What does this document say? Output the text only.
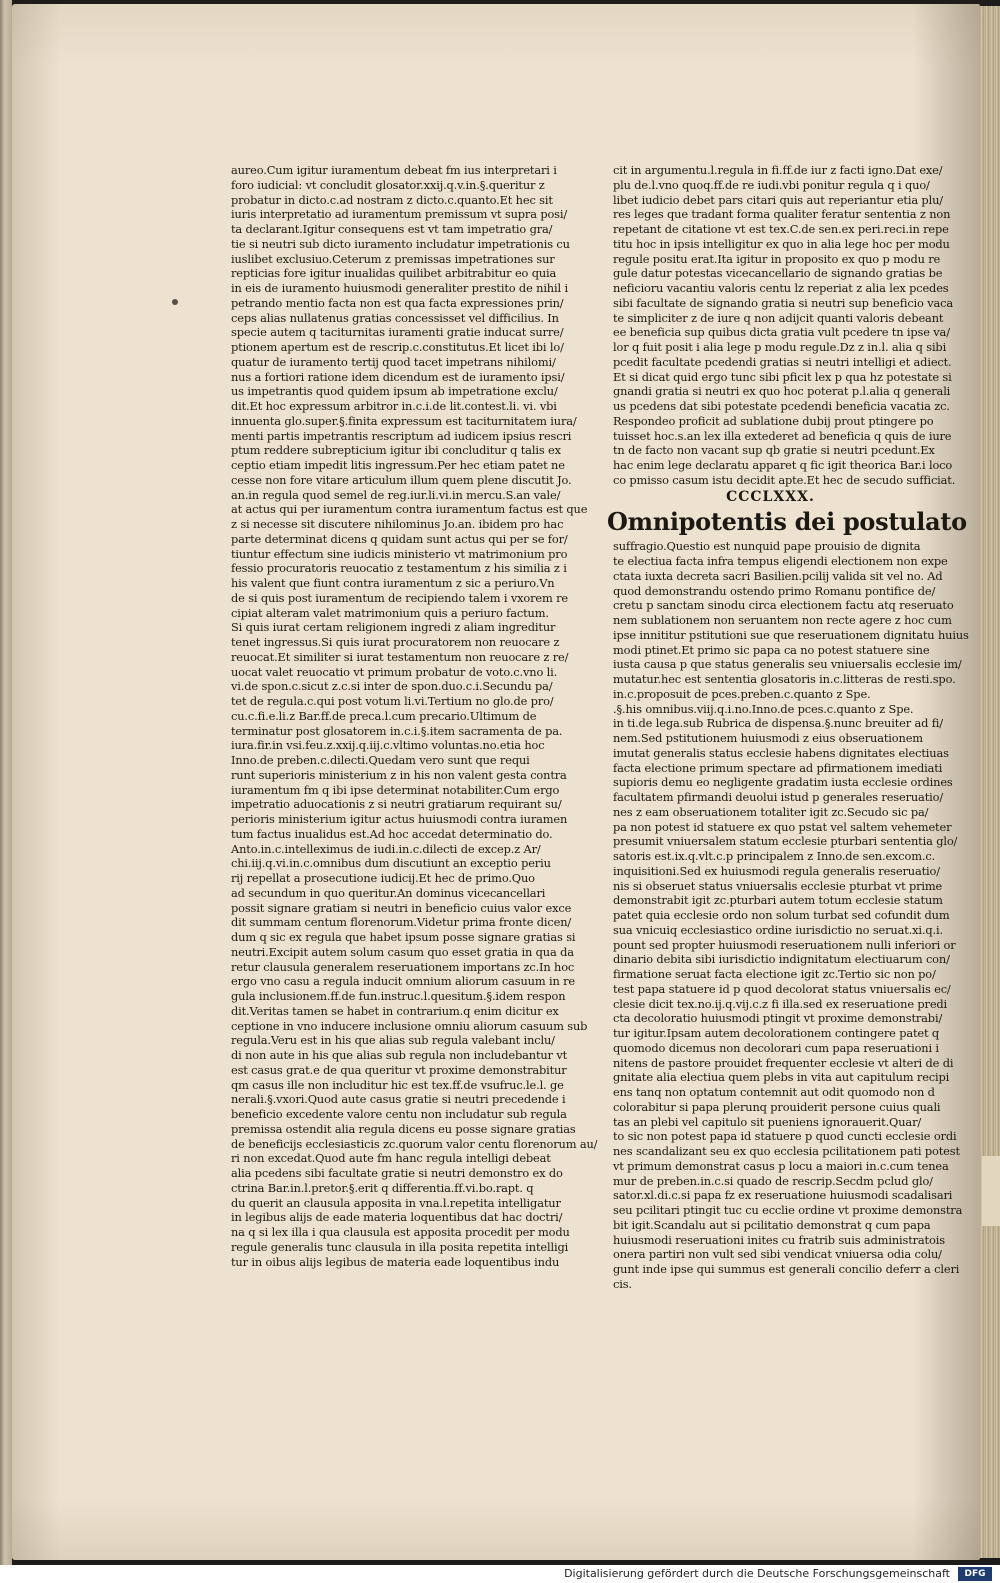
aureo.Cum igitur iuramentum debeat fm ius interpretari i
foro iudicial: vt concludit glosator.xxij.q.v.in.§.queritur z
probatur in dicto.c.ad nostram z dicto.c.quanto.Et hec sit
iuris interpretatio ad iuramentum premissum vt supra posi/
ta declarant.Igitur consequens est vt tam impetratio gra/
tie si neutri sub dicto iuramento includatur impetrationis cu
iuslibet exclusiuo.Ceterum z premissas impetrationes sur
repticias fore igitur inualidas quilibet arbitrabitur eo quia
in eis de iuramento huiusmodi generaliter prestito de nihil i
petrando mentio facta non est qua facta expressiones prin/
ceps alias nullatenus gratias concessisset vel difficilius. In
specie autem q taciturnitas iuramenti gratie inducat surre/
ptionem apertum est de rescrip.c.constitutus.Et licet ibi lo/
quatur de iuramento tertij quod tacet impetrans nihilomi/
nus a fortiori ratione idem dicendum est de iuramento ipsi/
us impetrantis quod quidem ipsum ab impetratione exclu/
dit.Et hoc expressum arbitror in.c.i.de lit.contest.li. vi. vbi
innuenta glo.super.§.finita expressum est taciturnitatem iura/
menti partis impetrantis rescriptum ad iudicem ipsius rescri
ptum reddere subrepticium igitur ibi concluditur q talis ex
ceptio etiam impedit litis ingressum.Per hec etiam patet ne
cesse non fore vitare articulum illum quem plene discutit Jo.
an.in regula quod semel de reg.iur.li.vi.in mercu.S.an vale/
at actus qui per iuramentum contra iuramentum factus est que
z si necesse sit discutere nihilominus Jo.an. ibidem pro hac
parte determinat dicens q quidam sunt actus qui per se for/
tiuntur effectum sine iudicis ministerio vt matrimonium pro
fessio procuratoris reuocatio z testamentum z his similia z i
his valent que fiunt contra iuramentum z sic a periuro.Vn
de si quis post iuramentum de recipiendo talem i vxorem re
cipiat alteram valet matrimonium quis a periuro factum.
Si quis iurat certam religionem ingredi z aliam ingreditur
tenet ingressus.Si quis iurat procuratorem non reuocare z
reuocat.Et similiter si iurat testamentum non reuocare z re/
uocat valet reuocatio vt primum probatur de voto.c.vno li.
vi.de spon.c.sicut z.c.si inter de spon.duo.c.i.Secundu pa/
tet de regula.c.qui post votum li.vi.Tertium no glo.de pro/
cu.c.fi.e.li.z Bar.ff.de preca.l.cum precario.Ultimum de
terminatur post glosatorem in.c.i.§.item sacramenta de pa.
iura.fir.in vsi.feu.z.xxij.q.iij.c.vltimo voluntas.no.etia hoc
Inno.de preben.c.dilecti.Quedam vero sunt que requi
runt superioris ministerium z in his non valent gesta contra
iuramentum fm q ibi ipse determinat notabiliter.Cum ergo
impetratio aduocationis z si neutri gratiarum requirant su/
perioris ministerium igitur actus huiusmodi contra iuramen
tum factus inualidus est.Ad hoc accedat determinatio do.
Anto.in.c.intelleximus de iudi.in.c.dilecti de excep.z Ar/
chi.iij.q.vi.in.c.omnibus dum discutiunt an exceptio periu
rij repellat a prosecutione iudicij.Et hec de primo.Quo
ad secundum in quo queritur.An dominus vicecancellari
possit signare gratiam si neutri in beneficio cuius valor exce
dit summam centum florenorum.Videtur prima fronte dicen/
dum q sic ex regula que habet ipsum posse signare gratias si
neutri.Excipit autem solum casum quo esset gratia in qua da
retur clausula generalem reseruationem importans zc.In hoc
ergo vno casu a regula inducit omnium aliorum casuum in re
gula inclusionem.ff.de fun.instruc.l.quesitum.§.idem respon
dit.Veritas tamen se habet in contrarium.q enim dicitur ex
ceptione in vno inducere inclusione omniu aliorum casuum sub
regula.Veru est in his que alias sub regula valebant inclu/
di non aute in his que alias sub regula non includebantur vt
est casus grat.e de qua queritur vt proxime demonstrabitur
qm casus ille non includitur hic est tex.ff.de vsufruc.le.l. ge
nerali.§.vxori.Quod aute casus gratie si neutri precedende i
beneficio excedente valore centu non includatur sub regula
premissa ostendit alia regula dicens eu posse signare gratias
de beneficijs ecclesiasticis zc.quorum valor centu florenorum au/
ri non excedat.Quod aute fm hanc regula intelligi debeat
alia pcedens sibi facultate gratie si neutri demonstro ex do
ctrina Bar.in.l.pretor.§.erit q differentia.ff.vi.bo.rapt. q
du querit an clausula apposita in vna.l.repetita intelligatur
in legibus alijs de eade materia loquentibus dat hac doctri/
na q si lex illa i qua clausula est apposita procedit per modu
regule generalis tunc clausula in illa posita repetita intelligi
tur in oibus alijs legibus de materia eade loquentibus indu
cit in argumentu.l.regula in fi.ff.de iur z facti igno.Dat exe/
plu de.l.vno quoq.ff.de re iudi.vbi ponitur regula q i quo/
libet iudicio debet pars citari quis aut reperiantur etia plu/
res leges que tradant forma qualiter feratur sententia z non
repetant de citatione vt est tex.C.de sen.ex peri.reci.in repe
titu hoc in ipsis intelligitur ex quo in alia lege hoc per modu
regule positu erat.Ita igitur in proposito ex quo p modu re
gule datur potestas vicecancellario de signando gratias be
neficioru vacantiu valoris centu lz reperiat z alia lex pcedes
sibi facultate de signando gratia si neutri sup beneficio vaca
te simpliciter z de iure q non adijcit quanti valoris debeant
ee beneficia sup quibus dicta gratia vult pcedere tn ipse va/
lor q fuit posit i alia lege p modu regule.Dz z in.l. alia q sibi
pcedit facultate pcedendi gratias si neutri intelligi et adiect.
Et si dicat quid ergo tunc sibi pficit lex p qua hz potestate si
gnandi gratia si neutri ex quo hoc poterat p.l.alia q generali
us pcedens dat sibi potestate pcedendi beneficia vacatia zc.
Respondeo proficit ad sublatione dubij prout ptingere po
tuisset hoc.s.an lex illa extederet ad beneficia q quis de iure
tn de facto non vacant sup qb gratie si neutri pcedunt.Ex
hac enim lege declaratu apparet q fic igit theorica Bar.i loco
co pmisso casum istu decidit apte.Et hec de secudo sufficiat.
CCCLXXX.
Omnipotentis dei postulato
suffragio.Questio est nunquid pape prouisio de dignita
te electiua facta infra tempus eligendi electionem non expe
ctata iuxta decreta sacri Basilien.pcilij valida sit vel no. Ad
quod demonstrandu ostendo primo Romanu pontifice de/
cretu p sanctam sinodu circa electionem factu atq reseruato
nem sublationem non seruantem non recte agere z hoc cum
ipse innititur pstitutioni sue que reseruationem dignitatu huius
modi ptinet.Et primo sic papa ca no potest statuere sine
iusta causa p que status generalis seu vniuersalis ecclesie im/
mutatur.hec est sententia glosatoris in.c.litteras de resti.spo.
in.c.proposuit de pces.preben.c.quanto z Spe.
.§.his omnibus.viij.q.i.no.Inno.de pces.c.quanto z Spe.
in ti.de lega.sub Rubrica de dispensa.§.nunc breuiter ad fi/
nem.Sed pstitutionem huiusmodi z eius obseruationem
imutat generalis status ecclesie habens dignitates electiuas
facta electione primum spectare ad pfirmationem imediati
supioris demu eo negligente gradatim iusta ecclesie ordines
facultatem pfirmandi deuolui istud p generales reseruatio/
nes z eam obseruationem totaliter igit zc.Secudo sic pa/
pa non potest id statuere ex quo pstat vel saltem vehemeter
presumit vniuersalem statum ecclesie pturbari sententia glo/
satoris est.ix.q.vlt.c.p principalem z Inno.de sen.excom.c.
inquisitioni.Sed ex huiusmodi regula generalis reseruatio/
nis si obseruet status vniuersalis ecclesie pturbat vt prime
demonstrabit igit zc.pturbari autem totum ecclesie statum
patet quia ecclesie ordo non solum turbat sed cofundit dum
sua vnicuiq ecclesiastico ordine iurisdictio no seruat.xi.q.i.
pount sed propter huiusmodi reseruationem nulli inferiori or
dinario debita sibi iurisdictio indignitatum electiuarum con/
firmatione seruat facta electione igit zc.Tertio sic non po/
test papa statuere id p quod decolorat status vniuersalis ec/
clesie dicit tex.no.ij.q.vij.c.z fi illa.sed ex reseruatione predi
cta decoloratio huiusmodi ptingit vt proxime demonstrabi/
tur igitur.Ipsam autem decolorationem contingere patet q
quomodo dicemus non decolorari cum papa reseruationi i
nitens de pastore prouidet frequenter ecclesie vt alteri de di
gnitate alia electiua quem plebs in vita aut capitulum recipi
ens tanq non optatum contemnit aut odit quomodo non d
colorabitur si papa plerunq prouiderit persone cuius quali
tas an plebi vel capitulo sit pueniens ignorauerit.Quar/
to sic non potest papa id statuere p quod cuncti ecclesie ordi
nes scandalizant seu ex quo ecclesia pcilitationem pati potest
vt primum demonstrat casus p locu a maiori in.c.cum tenea
mur de preben.in.c.si quado de rescrip.Secdm pclud glo/
sator.xl.di.c.si papa fz ex reseruatione huiusmodi scadalisari
seu pcilitari ptingit tuc cu ecclie ordine vt proxime demonstra
bit igit.Scandalu aut si pcilitatio demonstrat q cum papa
huiusmodi reseruationi inites cu fratrib suis administratois
onera partiri non vult sed sibi vendicat vniuersa odia colu/
gunt inde ipse qui summus est generali concilio deferr a cleri
cis.
Digitalisierung gefördert durch die Deutsche Forschungsgemeinschaft	DFG
